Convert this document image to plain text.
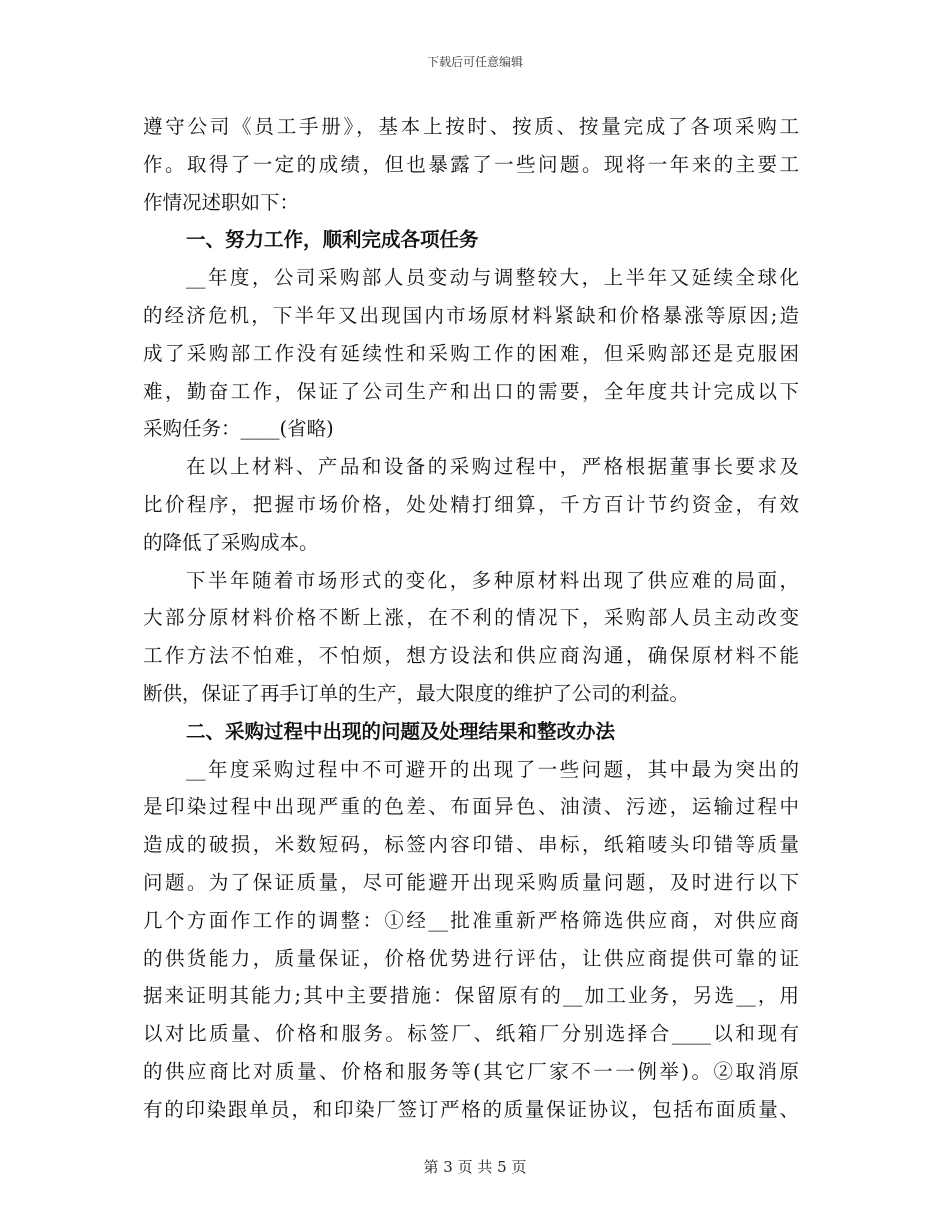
下载后可任意编辑
遵守公司《员工手册》，基本上按时、按质、按量完成了各项采购工
作。取得了一定的成绩，但也暴露了一些问题。现将一年来的主要工
作情况述职如下：
一、努力工作，顺利完成各项任务
__年度，公司采购部人员变动与调整较大，上半年又延续全球化
的经济危机，下半年又出现国内市场原材料紧缺和价格暴涨等原因;造
成了采购部工作没有延续性和采购工作的困难，但采购部还是克服困
难，勤奋工作，保证了公司生产和出口的需要，全年度共计完成以下
采购任务：____(省略)
在以上材料、产品和设备的采购过程中，严格根据董事长要求及
比价程序，把握市场价格，处处精打细算，千方百计节约资金，有效
的降低了采购成本。
下半年随着市场形式的变化，多种原材料出现了供应难的局面，
大部分原材料价格不断上涨，在不利的情况下，采购部人员主动改变
工作方法不怕难，不怕烦，想方设法和供应商沟通，确保原材料不能
断供，保证了再手订单的生产，最大限度的维护了公司的利益。
二、采购过程中出现的问题及处理结果和整改办法
__年度采购过程中不可避开的出现了一些问题，其中最为突出的
是印染过程中出现严重的色差、布面异色、油渍、污迹，运输过程中
造成的破损，米数短码，标签内容印错、串标，纸箱唛头印错等质量
问题。为了保证质量，尽可能避开出现采购质量问题，及时进行以下
几个方面作工作的调整：①经__批准重新严格筛选供应商，对供应商
的供货能力，质量保证，价格优势进行评估，让供应商提供可靠的证
据来证明其能力;其中主要措施：保留原有的__加工业务，另选__，用
以对比质量、价格和服务。标签厂、纸箱厂分别选择合____以和现有
的供应商比对质量、价格和服务等(其它厂家不一一例举)。②取消原
有的印染跟单员，和印染厂签订严格的质量保证协议，包括布面质量、
第 3 页 共 5 页
